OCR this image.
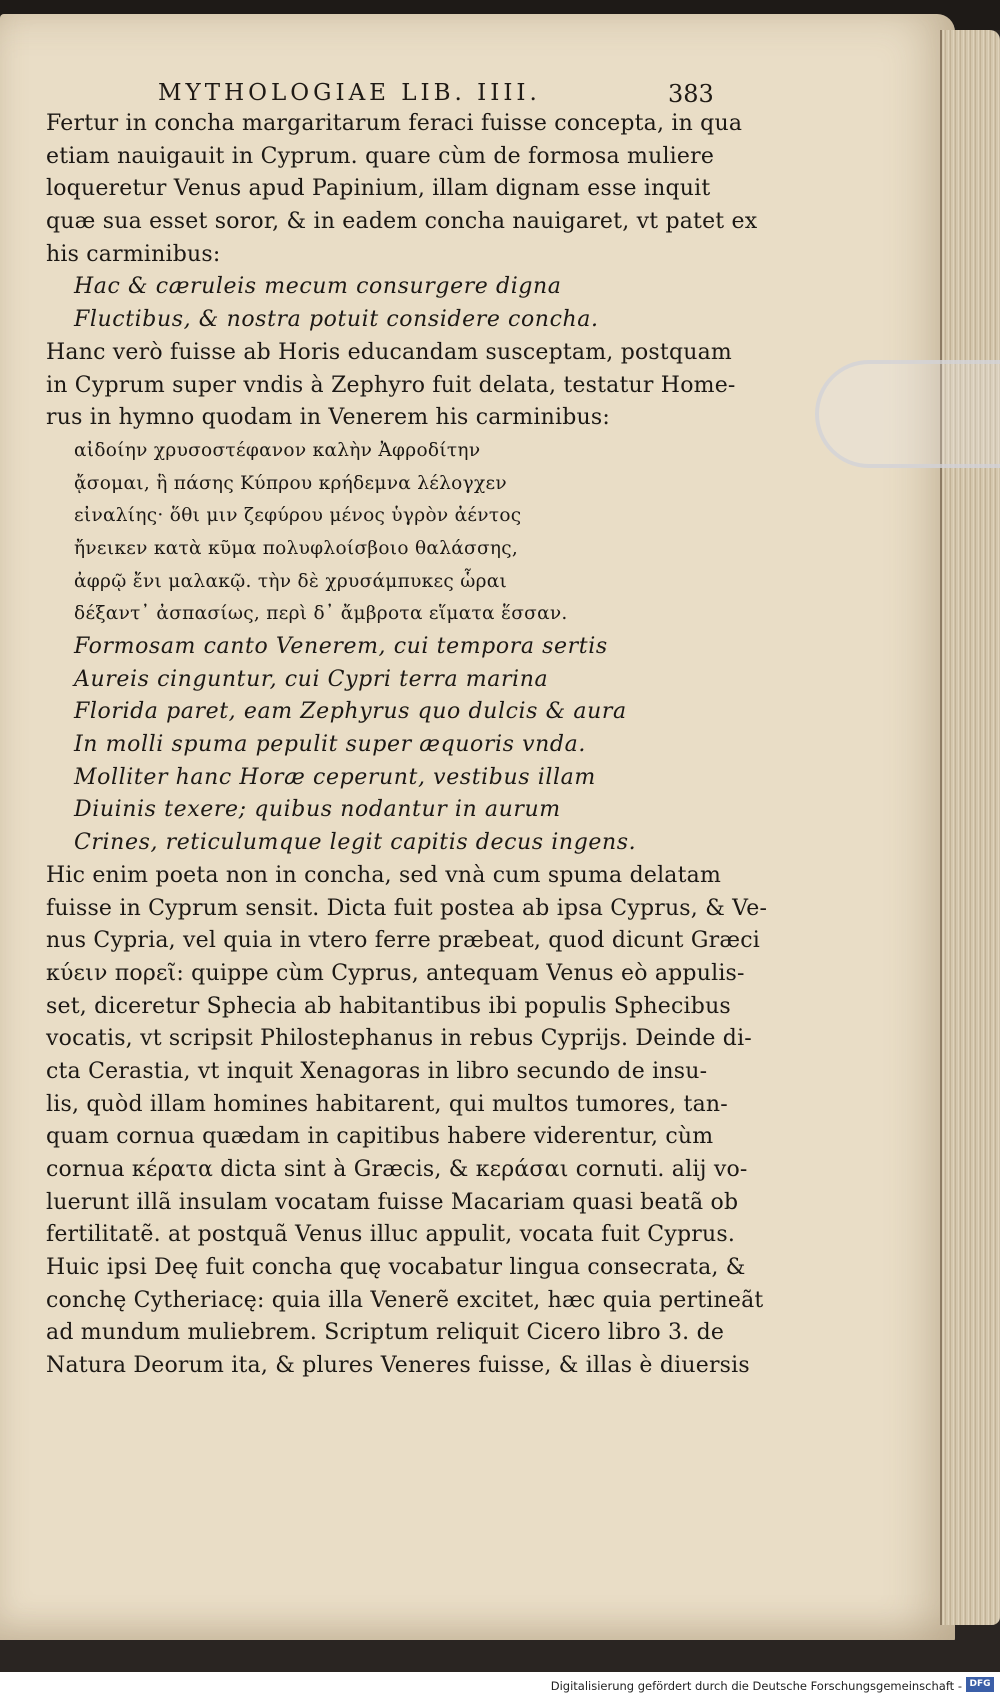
MYTHOLOGIAE LIB. IIII.	383
Fertur in concha margaritarum feraci fuisse concepta, in qua
etiam nauigauit in Cyprum. quare cùm de formosa muliere
loqueretur Venus apud Papinium, illam dignam esse inquit
quæ sua esset soror, & in eadem concha nauigaret, vt patet ex
his carminibus:
Hac & cæruleis mecum consurgere digna
Fluctibus, & nostra potuit considere concha.
Hanc verò fuisse ab Horis educandam susceptam, postquam
in Cyprum super vndis à Zephyro fuit delata, testatur Home-
rus in hymno quodam in Venerem his carminibus:
αἰδοίην χρυσοστέφανον καλὴν Ἀφροδίτην
ᾄσομαι, ἣ πάσης Κύπρου κρήδεμνα λέλογχεν
εἰναλίης· ὅθι μιν ζεφύρου μένος ὑγρὸν ἀέντος
ἤνεικεν κατὰ κῦμα πολυφλοίσβοιο θαλάσσης,
ἀφρῷ ἔνι μαλακῷ. τὴν δὲ χρυσάμπυκες ὧραι
δέξαντ᾽ ἀσπασίως, περὶ δ᾽ ἄμβροτα εἵματα ἕσσαν.
Formosam canto Venerem, cui tempora sertis
Aureis cinguntur, cui Cypri terra marina
Florida paret, eam Zephyrus quo dulcis & aura
In molli spuma pepulit super æquoris vnda.
Molliter hanc Horæ ceperunt, vestibus illam
Diuinis texere; quibus nodantur in aurum
Crines, reticulumque legit capitis decus ingens.
Hic enim poeta non in concha, sed vnà cum spuma delatam
fuisse in Cyprum sensit. Dicta fuit postea ab ipsa Cyprus, & Ve-
nus Cypria, vel quia in vtero ferre præbeat, quod dicunt Græci
κύειν πορεῖ: quippe cùm Cyprus, antequam Venus eò appulis-
set, diceretur Sphecia ab habitantibus ibi populis Sphecibus
vocatis, vt scripsit Philostephanus in rebus Cyprijs. Deinde di-
cta Cerastia, vt inquit Xenagoras in libro secundo de insu-
lis, quòd illam homines habitarent, qui multos tumores, tan-
quam cornua quædam in capitibus habere viderentur, cùm
cornua κέρατα dicta sint à Græcis, & κεράσαι cornuti. alij vo-
luerunt illã insulam vocatam fuisse Macariam quasi beatã ob
fertilitatẽ. at postquã Venus illuc appulit, vocata fuit Cyprus.
Huic ipsi Deę fuit concha quę vocabatur lingua consecrata, &
conchę Cytheriacę: quia illa Venerẽ excitet, hæc quia pertineãt
ad mundum muliebrem. Scriptum reliquit Cicero libro 3. de
Natura Deorum ita, & plures Veneres fuisse, & illas è diuersis
Digitalisierung gefördert durch die Deutsche Forschungsgemeinschaft - DFG
